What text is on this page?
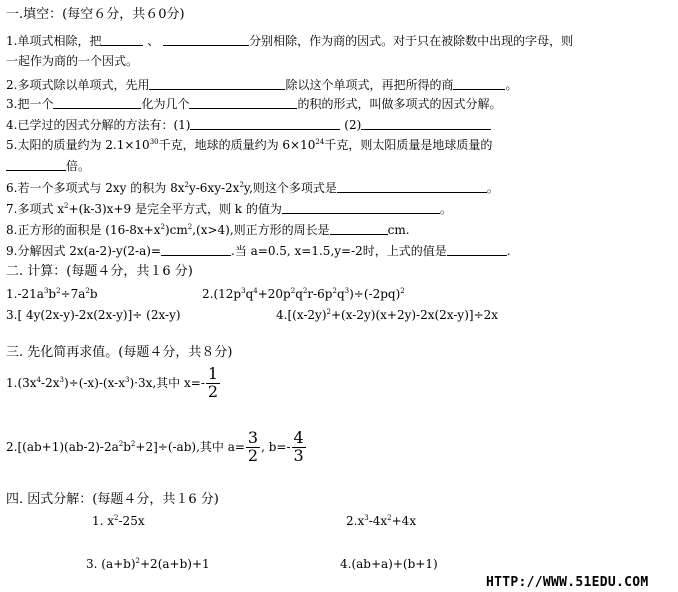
一.填空：(每空６分，共６0分)
1.单项式相除，把	、	分别相除，作为商的因式。对于只在被除数中出现的字母，则
一起作为商的一个因式。
2.多项式除以单项式，先用	除以这个单项式，再把所得的商	。
3.把一个	化为几个	的积的形式，叫做多项式的因式分解。
4.已学过的因式分解的方法有：(1)	(2)
5.太阳的质量约为 $2.1\times 10^{30}$千克，地球的质量约为 $6\times 10^{24}$千克，则太阳质量是地球质量的
倍。
6.若一个多项式与 2xy 的积为 $8x^2y-6xy-2x^2y$,则这个多项式是	。
7.多项式 $x^2+(k-3)x+9$ 是完全平方式，则 k 的值为	。
8.正方形的面积是 $(16-8x+x^2)cm^2,(x>4)$,则正方形的周长是	cm.
9.分解因式 2x(a-2)-y(2-a)=	.当 a=0.5, x=1.5,y=-2时，上式的值是	.
二. 计算：(每题４分，共１6 分)
$1.-21a^3b^2\div 7a^2b$	$2.(12p^3q^4+20p^2q^2r-6p^2q^3)\div(-2pq)^2$
3.[ 4y(2x-y)-2x(2x-y)]÷ (2x-y)	$4.[(x-2y)^2+(x-2y)(x+2y)-2x(2x-y)]\div 2x$
三. 先化简再求值。(每题４分，共８分)
$1.(3x^4-2x^3)\div(-x)-(x-x^3)\cdot 3x$,其中 $x=- \frac{1}{2}$
$2.[(ab+1)(ab-2)-2a^2b^2+2]\div(-ab)$,其中 $a= \frac{3}{2}$ , $b=- \frac{4}{3}$
四. 因式分解：(每题４分，共１6 分)
1. $x^2-25x$	$2.x^3-4x^2+4x$
3. $(a+b)^2+2(a+b)+1$	4.(ab+a)+(b+1)
HTTP://WWW.51EDU.COM
